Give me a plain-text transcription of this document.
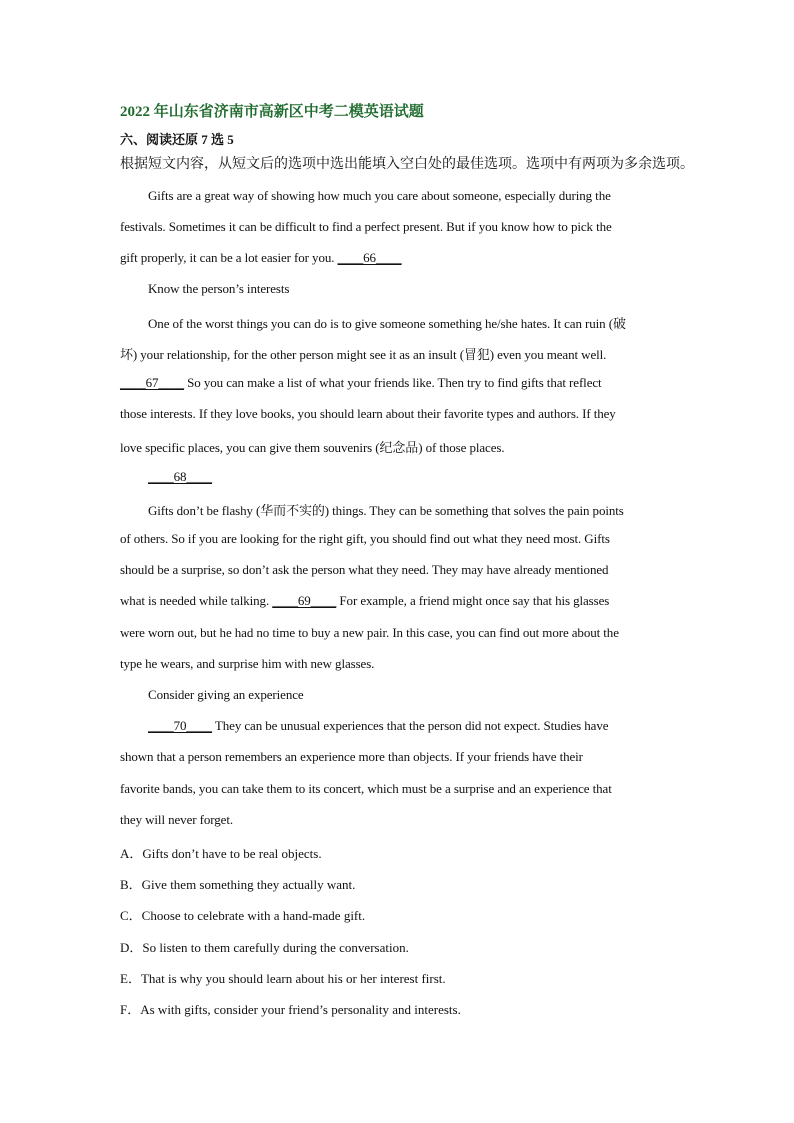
2022 年山东省济南市高新区中考二模英语试题
六、阅读还原 7 选 5
根据短文内容，从短文后的选项中选出能填入空白处的最佳选项。选项中有两项为多余选项。
Gifts are a great way of showing how much you care about someone, especially during the
festivals. Sometimes it can be difficult to find a perfect present. But if you know how to pick the
gift properly, it can be a lot easier for you. ____66____
Know the person’s interests
One of the worst things you can do is to give someone something he/she hates. It can ruin (破
坏) your relationship, for the other person might see it as an insult (冒犯) even you meant well.
____67____ So you can make a list of what your friends like. Then try to find gifts that reflect
those interests. If they love books, you should learn about their favorite types and authors. If they
love specific places, you can give them souvenirs (纪念品) of those places.
____68____
Gifts don’t be flashy (华而不实的) things. They can be something that solves the pain points
of others. So if you are looking for the right gift, you should find out what they need most. Gifts
should be a surprise, so don’t ask the person what they need. They may have already mentioned
what is needed while talking. ____69____ For example, a friend might once say that his glasses
were worn out, but he had no time to buy a new pair. In this case, you can find out more about the
type he wears, and surprise him with new glasses.
Consider giving an experience
____70____ They can be unusual experiences that the person did not expect. Studies have
shown that a person remembers an experience more than objects. If your friends have their
favorite bands, you can take them to its concert, which must be a surprise and an experience that
they will never forget.
A．Gifts don’t have to be real objects.
B．Give them something they actually want.
C．Choose to celebrate with a hand-made gift.
D．So listen to them carefully during the conversation.
E．That is why you should learn about his or her interest first.
F．As with gifts, consider your friend’s personality and interests.
